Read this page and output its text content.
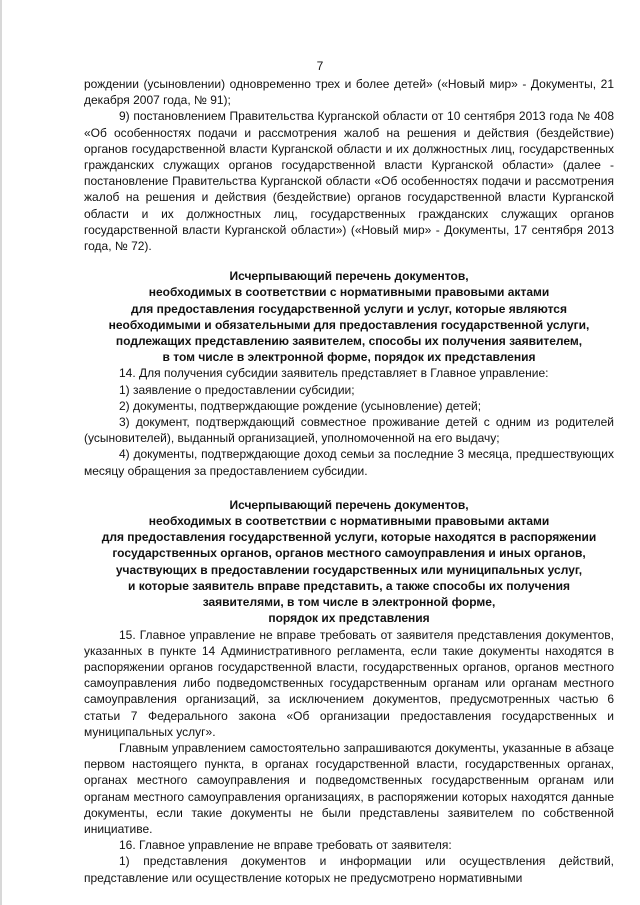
7

рождении (усыновлении) одновременно трех и более детей» («Новый мир» - Документы, 21 декабря 2007 года, № 91);

9) постановлением Правительства Курганской области от 10 сентября 2013 года № 408 «Об особенностях подачи и рассмотрения жалоб на решения и действия (бездействие) органов государственной власти Курганской области и их должностных лиц, государственных гражданских служащих органов государственной власти Курганской области» (далее - постановление Правительства Курганской области «Об особенностях подачи и рассмотрения жалоб на решения и действия (бездействие) органов государственной власти Курганской области и их должностных лиц, государственных гражданских служащих органов государственной власти Курганской области») («Новый мир» - Документы, 17 сентября 2013 года, № 72).

Исчерпывающий перечень документов,
необходимых в соответствии с нормативными правовыми актами
для предоставления государственной услуги и услуг, которые являются
необходимыми и обязательными для предоставления государственной услуги,
подлежащих представлению заявителем, способы их получения заявителем,
в том числе в электронной форме, порядок их представления

14. Для получения субсидии заявитель представляет в Главное управление:

1) заявление о предоставлении субсидии;

2) документы, подтверждающие рождение (усыновление) детей;

3) документ, подтверждающий совместное проживание детей с одним из родителей (усыновителей), выданный организацией, уполномоченной на его выдачу;

4) документы, подтверждающие доход семьи за последние 3 месяца, предшествующих месяцу обращения за предоставлением субсидии.

Исчерпывающий перечень документов,
необходимых в соответствии с нормативными правовыми актами
для предоставления государственной услуги, которые находятся в распоряжении
государственных органов, органов местного самоуправления и иных органов,
участвующих в предоставлении государственных или муниципальных услуг,
и которые заявитель вправе представить, а также способы их получения
заявителями, в том числе в электронной форме,
порядок их представления

15. Главное управление не вправе требовать от заявителя представления документов, указанных в пункте 14 Административного регламента, если такие документы находятся в распоряжении органов государственной власти, государственных органов, органов местного самоуправления либо подведомственных государственным органам или органам местного самоуправления организаций, за исключением документов, предусмотренных частью 6 статьи 7 Федерального закона «Об организации предоставления государственных и муниципальных услуг».

Главным управлением самостоятельно запрашиваются документы, указанные в абзаце первом настоящего пункта, в органах государственной власти, государственных органах, органах местного самоуправления и подведомственных государственным органам или органам местного самоуправления организациях, в распоряжении которых находятся данные документы, если такие документы не были представлены заявителем по собственной инициативе.

16. Главное управление не вправе требовать от заявителя:

1) представления документов и информации или осуществления действий, представление или осуществление которых не предусмотрено нормативными
